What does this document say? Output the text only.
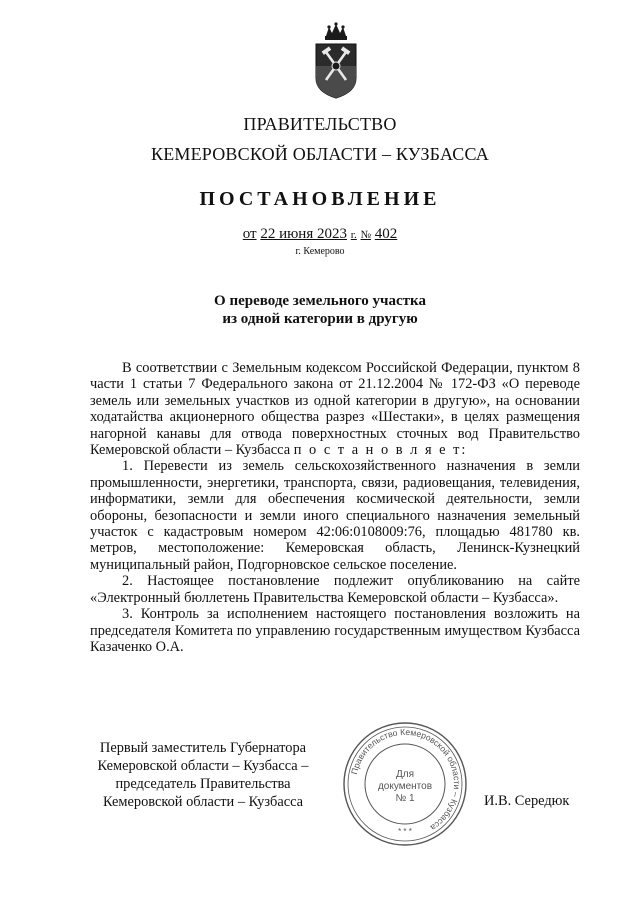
ПРАВИТЕЛЬСТВО
КЕМЕРОВСКОЙ ОБЛАСТИ – КУЗБАССА
ПОСТАНОВЛЕНИЕ
от 22 июня 2023 г. № 402
г. Кемерово
О переводе земельного участка
из одной категории в другую

В соответствии с Земельным кодексом Российской Федерации, пунктом 8 части 1 статьи 7 Федерального закона от 21.12.2004 № 172-ФЗ «О переводе земель или земельных участков из одной категории в другую», на основании ходатайства акционерного общества разрез «Шестаки», в целях размещения нагорной канавы для отвода поверхностных сточных вод Правительство Кемеровской области – Кузбасса п о с т а н о в л я е т:

1. Перевести из земель сельскохозяйственного назначения в земли промышленности, энергетики, транспорта, связи, радиовещания, телевидения, информатики, земли для обеспечения космической деятельности, земли обороны, безопасности и земли иного специального назначения земельный участок с кадастровым номером 42:06:0108009:76, площадью 481780 кв. метров, местоположение: Кемеровская область, Ленинск-Кузнецкий муниципальный район, Подгорновское сельское поселение.

2. Настоящее постановление подлежит опубликованию на сайте «Электронный бюллетень Правительства Кемеровской области – Кузбасса».

3. Контроль за исполнением настоящего постановления возложить на председателя Комитета по управлению государственным имуществом Кузбасса Казаченко О.А.

Первый заместитель Губернатора
Кемеровской области – Кузбасса –
председатель Правительства
Кемеровской области – Кузбасса
Правительство Кемеровской области – Кузбасса
Для
документов
№ 1
* * *
И.В. Середюк
